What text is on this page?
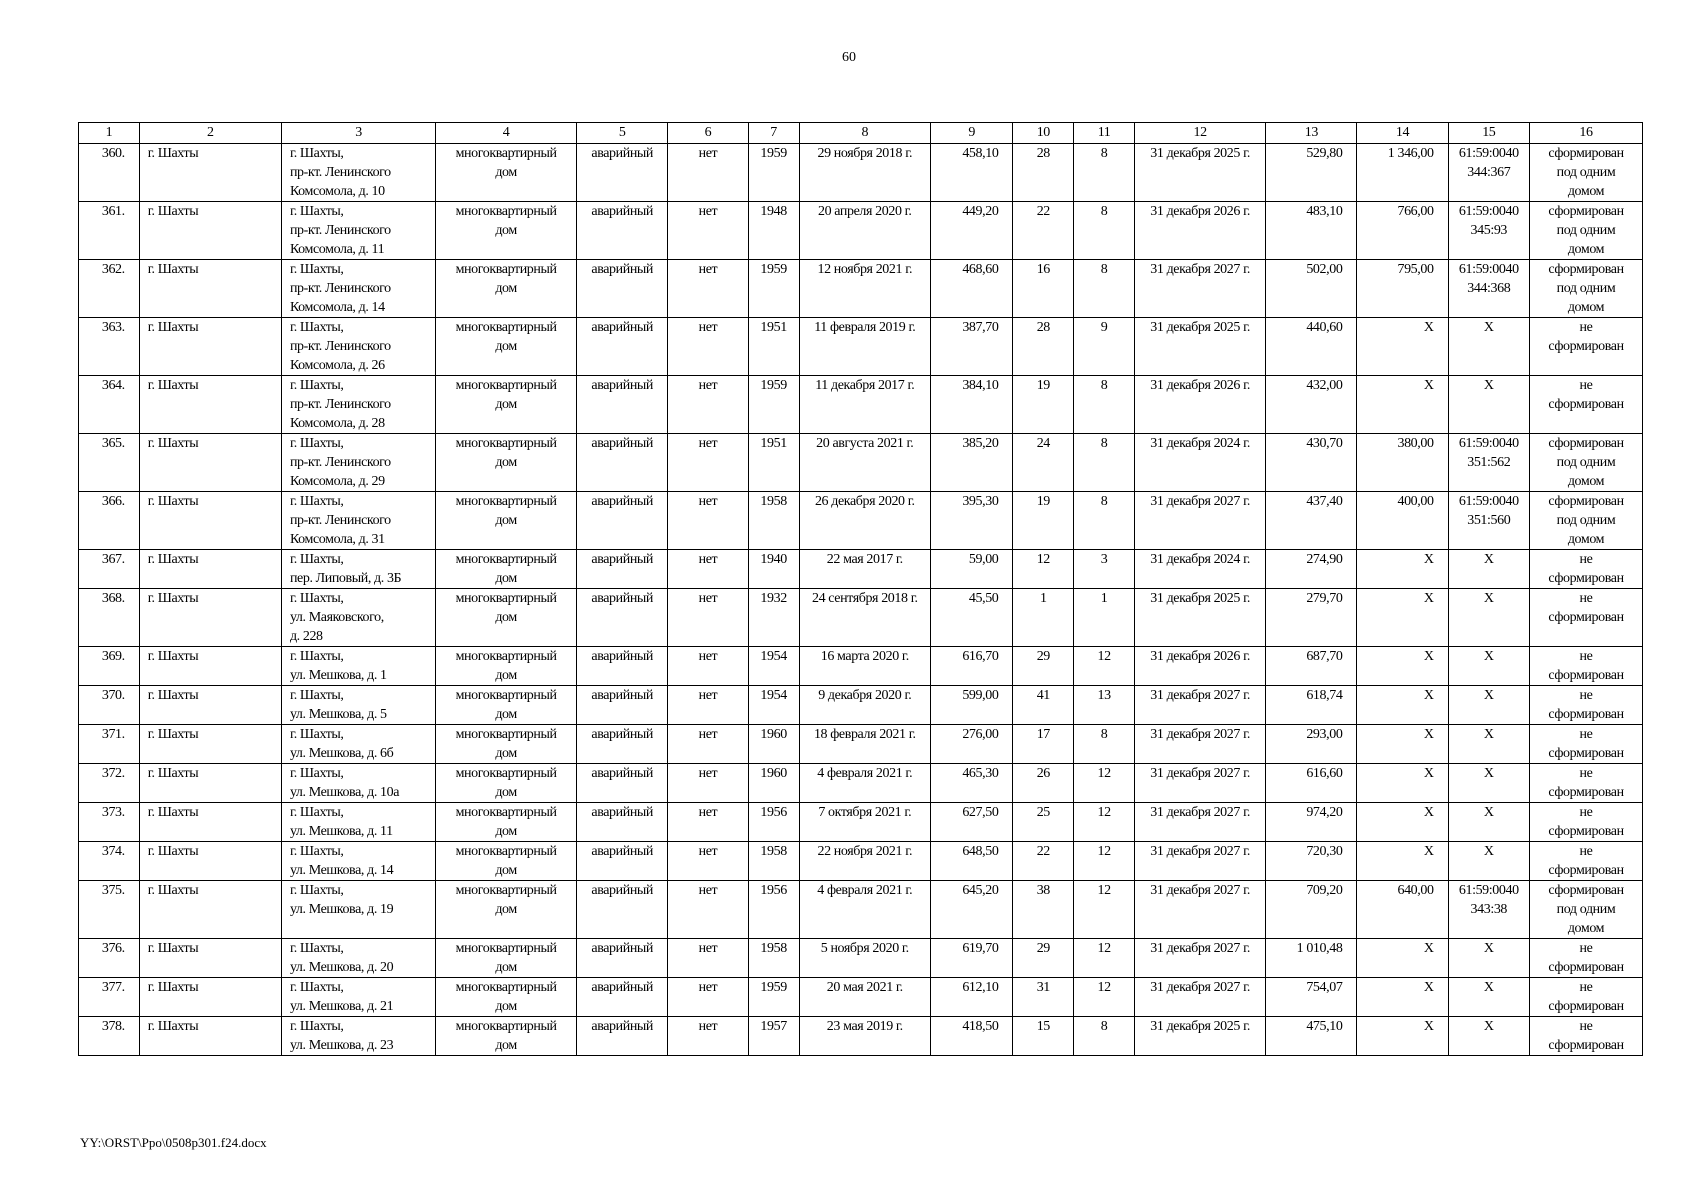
60
1	2	3	4	5	6	7	8	9	10	11	12	13	14	15	16
360.	г. Шахты	г. Шахты,
пр-кт. Ленинского
Комсомола, д. 10	многоквартирный
дом	аварийный	нет	1959	29 ноября 2018 г.	458,10	28	8	31 декабря 2025 г.	529,80	1 346,00	61:59:0040
344:367	сформирован
под одним
домом
361.	г. Шахты	г. Шахты,
пр-кт. Ленинского
Комсомола, д. 11	многоквартирный
дом	аварийный	нет	1948	20 апреля 2020 г.	449,20	22	8	31 декабря 2026 г.	483,10	766,00	61:59:0040
345:93	сформирован
под одним
домом
362.	г. Шахты	г. Шахты,
пр-кт. Ленинского
Комсомола, д. 14	многоквартирный
дом	аварийный	нет	1959	12 ноября 2021 г.	468,60	16	8	31 декабря 2027 г.	502,00	795,00	61:59:0040
344:368	сформирован
под одним
домом
363.	г. Шахты	г. Шахты,
пр-кт. Ленинского
Комсомола, д. 26	многоквартирный
дом	аварийный	нет	1951	11 февраля 2019 г.	387,70	28	9	31 декабря 2025 г.	440,60	Х	Х	не
сформирован
364.	г. Шахты	г. Шахты,
пр-кт. Ленинского
Комсомола, д. 28	многоквартирный
дом	аварийный	нет	1959	11 декабря 2017 г.	384,10	19	8	31 декабря 2026 г.	432,00	Х	Х	не
сформирован
365.	г. Шахты	г. Шахты,
пр-кт. Ленинского
Комсомола, д. 29	многоквартирный
дом	аварийный	нет	1951	20 августа 2021 г.	385,20	24	8	31 декабря 2024 г.	430,70	380,00	61:59:0040
351:562	сформирован
под одним
домом
366.	г. Шахты	г. Шахты,
пр-кт. Ленинского
Комсомола, д. 31	многоквартирный
дом	аварийный	нет	1958	26 декабря 2020 г.	395,30	19	8	31 декабря 2027 г.	437,40	400,00	61:59:0040
351:560	сформирован
под одним
домом
367.	г. Шахты	г. Шахты,
пер. Липовый, д. 3Б	многоквартирный
дом	аварийный	нет	1940	22 мая 2017 г.	59,00	12	3	31 декабря 2024 г.	274,90	Х	Х	не
сформирован
368.	г. Шахты	г. Шахты,
ул. Маяковского,
д. 228	многоквартирный
дом	аварийный	нет	1932	24 сентября 2018 г.	45,50	1	1	31 декабря 2025 г.	279,70	Х	Х	не
сформирован
369.	г. Шахты	г. Шахты,
ул. Мешкова, д. 1	многоквартирный
дом	аварийный	нет	1954	16 марта 2020 г.	616,70	29	12	31 декабря 2026 г.	687,70	Х	Х	не
сформирован
370.	г. Шахты	г. Шахты,
ул. Мешкова, д. 5	многоквартирный
дом	аварийный	нет	1954	9 декабря 2020 г.	599,00	41	13	31 декабря 2027 г.	618,74	Х	Х	не
сформирован
371.	г. Шахты	г. Шахты,
ул. Мешкова, д. 6б	многоквартирный
дом	аварийный	нет	1960	18 февраля 2021 г.	276,00	17	8	31 декабря 2027 г.	293,00	Х	Х	не
сформирован
372.	г. Шахты	г. Шахты,
ул. Мешкова, д. 10а	многоквартирный
дом	аварийный	нет	1960	4 февраля 2021 г.	465,30	26	12	31 декабря 2027 г.	616,60	Х	Х	не
сформирован
373.	г. Шахты	г. Шахты,
ул. Мешкова, д. 11	многоквартирный
дом	аварийный	нет	1956	7 октября 2021 г.	627,50	25	12	31 декабря 2027 г.	974,20	Х	Х	не
сформирован
374.	г. Шахты	г. Шахты,
ул. Мешкова, д. 14	многоквартирный
дом	аварийный	нет	1958	22 ноября 2021 г.	648,50	22	12	31 декабря 2027 г.	720,30	Х	Х	не
сформирован
375.	г. Шахты	г. Шахты,
ул. Мешкова, д. 19	многоквартирный
дом	аварийный	нет	1956	4 февраля 2021 г.	645,20	38	12	31 декабря 2027 г.	709,20	640,00	61:59:0040
343:38	сформирован
под одним
домом
376.	г. Шахты	г. Шахты,
ул. Мешкова, д. 20	многоквартирный
дом	аварийный	нет	1958	5 ноября 2020 г.	619,70	29	12	31 декабря 2027 г.	1 010,48	Х	Х	не
сформирован
377.	г. Шахты	г. Шахты,
ул. Мешкова, д. 21	многоквартирный
дом	аварийный	нет	1959	20 мая 2021 г.	612,10	31	12	31 декабря 2027 г.	754,07	Х	Х	не
сформирован
378.	г. Шахты	г. Шахты,
ул. Мешкова, д. 23	многоквартирный
дом	аварийный	нет	1957	23 мая 2019 г.	418,50	15	8	31 декабря 2025 г.	475,10	Х	Х	не
сформирован
YY:\ORST\Ppo\0508p301.f24.docx
